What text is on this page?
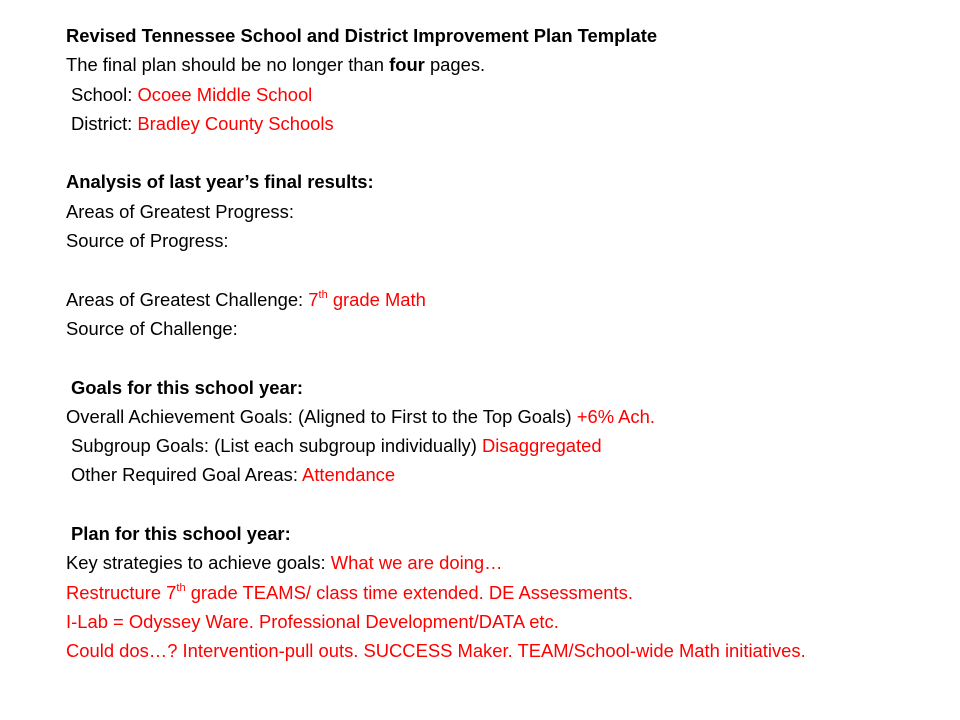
Revised Tennessee School and District Improvement Plan Template
The final plan should be no longer than four pages.
School: Ocoee Middle School
District: Bradley County Schools
Analysis of last year’s final results:
Areas of Greatest Progress:
Source of Progress:
Areas of Greatest Challenge: 7th grade Math
Source of Challenge:
Goals for this school year:
Overall Achievement Goals: (Aligned to First to the Top Goals) +6% Ach.
Subgroup Goals: (List each subgroup individually) Disaggregated
Other Required Goal Areas: Attendance
Plan for this school year:
Key strategies to achieve goals: What we are doing…
Restructure 7th grade TEAMS/ class time extended. DE Assessments.
I-Lab = Odyssey Ware. Professional Development/DATA etc.
Could dos…? Intervention-pull outs. SUCCESS Maker. TEAM/School-wide Math initiatives.
